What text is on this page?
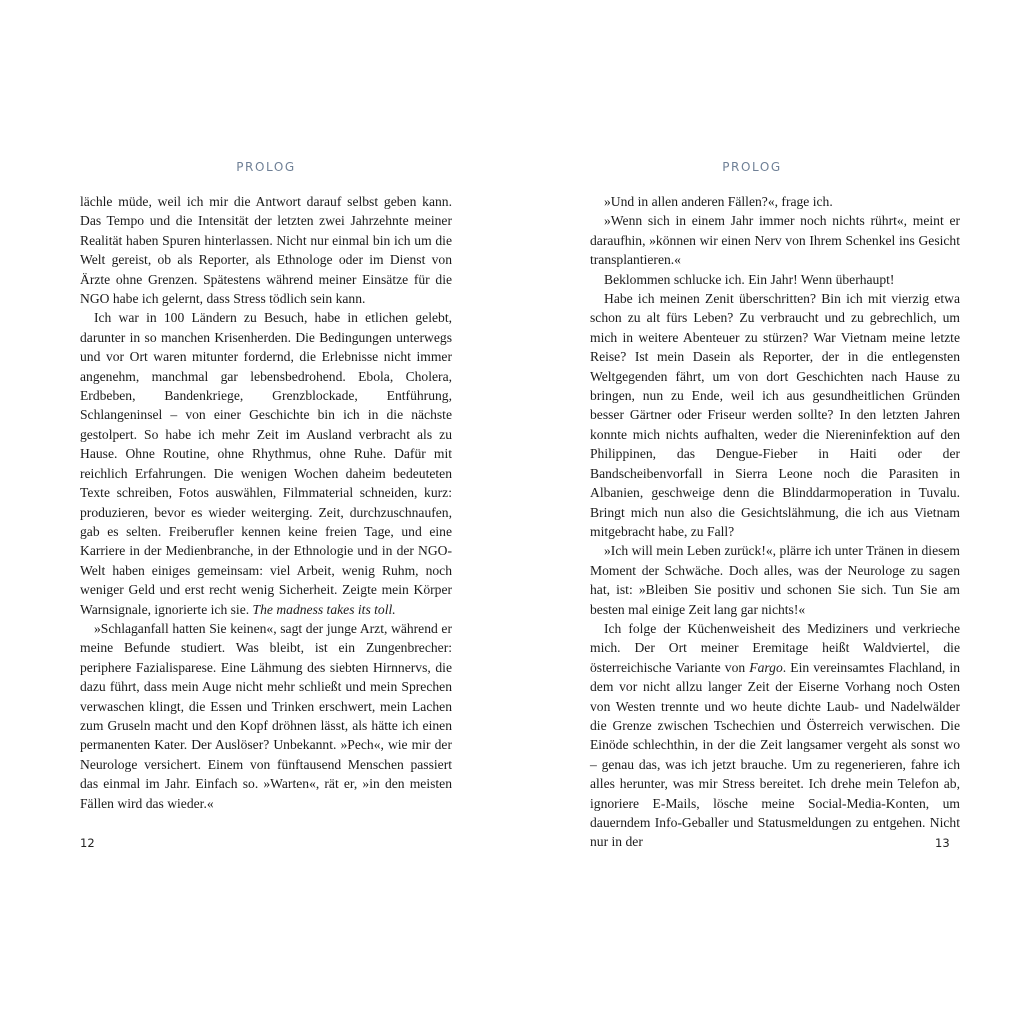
PROLOG

lächle müde, weil ich mir die Antwort darauf selbst geben kann. Das Tempo und die Intensität der letzten zwei Jahrzehnte meiner Realität haben Spuren hinterlassen. Nicht nur einmal bin ich um die Welt gereist, ob als Reporter, als Ethnologe oder im Dienst von Ärzte ohne Grenzen. Spätestens während meiner Einsätze für die NGO habe ich gelernt, dass Stress tödlich sein kann.

Ich war in 100 Ländern zu Besuch, habe in etlichen gelebt, darunter in so manchen Krisenherden. Die Bedingungen unterwegs und vor Ort waren mitunter fordernd, die Erlebnisse nicht immer angenehm, manchmal gar lebensbedrohend. Ebola, Cholera, Erdbeben, Bandenkriege, Grenzblockade, Entführung, Schlangeninsel – von einer Geschichte bin ich in die nächste gestolpert. So habe ich mehr Zeit im Ausland verbracht als zu Hause. Ohne Routine, ohne Rhythmus, ohne Ruhe. Dafür mit reichlich Erfahrungen. Die wenigen Wochen daheim bedeuteten Texte schreiben, Fotos auswählen, Filmmaterial schneiden, kurz: produzieren, bevor es wieder weiterging. Zeit, durchzuschnaufen, gab es selten. Freiberufler kennen keine freien Tage, und eine Karriere in der Medienbranche, in der Ethnologie und in der NGO-Welt haben einiges gemeinsam: viel Arbeit, wenig Ruhm, noch weniger Geld und erst recht wenig Sicherheit. Zeigte mein Körper Warnsignale, ignorierte ich sie. The madness takes its toll.

»Schlaganfall hatten Sie keinen«, sagt der junge Arzt, während er meine Befunde studiert. Was bleibt, ist ein Zungenbrecher: periphere Fazialisparese. Eine Lähmung des siebten Hirnnervs, die dazu führt, dass mein Auge nicht mehr schließt und mein Sprechen verwaschen klingt, die Essen und Trinken erschwert, mein Lachen zum Gruseln macht und den Kopf dröhnen lässt, als hätte ich einen permanenten Kater. Der Auslöser? Unbekannt. »Pech«, wie mir der Neurologe versichert. Einem von fünftausend Menschen passiert das einmal im Jahr. Einfach so. »Warten«, rät er, »in den meisten Fällen wird das wieder.«

12
PROLOG

»Und in allen anderen Fällen?«, frage ich.

»Wenn sich in einem Jahr immer noch nichts rührt«, meint er daraufhin, »können wir einen Nerv von Ihrem Schenkel ins Gesicht transplantieren.«

Beklommen schlucke ich. Ein Jahr! Wenn überhaupt!

Habe ich meinen Zenit überschritten? Bin ich mit vierzig etwa schon zu alt fürs Leben? Zu verbraucht und zu gebrechlich, um mich in weitere Abenteuer zu stürzen? War Vietnam meine letzte Reise? Ist mein Dasein als Reporter, der in die entlegensten Weltgegenden fährt, um von dort Geschichten nach Hause zu bringen, nun zu Ende, weil ich aus gesundheitlichen Gründen besser Gärtner oder Friseur werden sollte? In den letzten Jahren konnte mich nichts aufhalten, weder die Niereninfektion auf den Philippinen, das Dengue-Fieber in Haiti oder der Bandscheibenvorfall in Sierra Leone noch die Parasiten in Albanien, geschweige denn die Blinddarmoperation in Tuvalu. Bringt mich nun also die Gesichtslähmung, die ich aus Vietnam mitgebracht habe, zu Fall?

»Ich will mein Leben zurück!«, plärre ich unter Tränen in diesem Moment der Schwäche. Doch alles, was der Neurologe zu sagen hat, ist: »Bleiben Sie positiv und schonen Sie sich. Tun Sie am besten mal einige Zeit lang gar nichts!«

Ich folge der Küchenweisheit des Mediziners und verkrieche mich. Der Ort meiner Eremitage heißt Waldviertel, die österreichische Variante von Fargo. Ein vereinsamtes Flachland, in dem vor nicht allzu langer Zeit der Eiserne Vorhang noch Osten von Westen trennte und wo heute dichte Laub- und Nadelwälder die Grenze zwischen Tschechien und Österreich verwischen. Die Einöde schlechthin, in der die Zeit langsamer vergeht als sonst wo – genau das, was ich jetzt brauche. Um zu regenerieren, fahre ich alles herunter, was mir Stress bereitet. Ich drehe mein Telefon ab, ignoriere E-Mails, lösche meine Social-Media-Konten, um dauerndem Info-Geballer und Statusmeldungen zu entgehen. Nicht nur in der	13
